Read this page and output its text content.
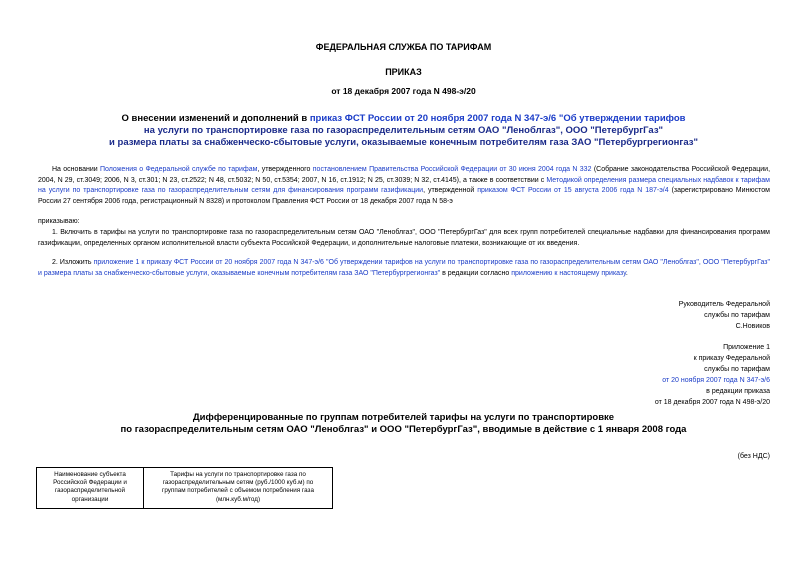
ФЕДЕРАЛЬНАЯ СЛУЖБА ПО ТАРИФАМ
ПРИКАЗ
от 18 декабря 2007 года N 498-э/20
О внесении изменений и дополнений в приказ ФСТ России от 20 ноября 2007 года N 347-э/6 "Об утверждении тарифов
на услуги по транспортировке газа по газораспределительным сетям ОАО "Леноблгаз", ООО "ПетербургГаз"
и размера платы за снабженческо-сбытовые услуги, оказываемые конечным потребителям газа ЗАО "Петербургрегионгаз"
На основании Положения о Федеральной службе по тарифам, утвержденного постановлением Правительства Российской Федерации от 30 июня 2004 года N 332 (Собрание законодательства Российской Федерации, 2004, N 29, ст.3049; 2006, N 3, ст.301; N 23, ст.2522; N 48, ст.5032; N 50, ст.5354; 2007, N 16, ст.1912; N 25, ст.3039; N 32, ст.4145), а также в соответствии с Методикой определения размера специальных надбавок к тарифам на услуги по транспортировке газа по газораспределительным сетям для финансирования программ газификации, утвержденной приказом ФСТ России от 15 августа 2006 года N 187-э/4 (зарегистрировано Минюстом России 27 сентября 2006 года, регистрационный N 8328) и протоколом Правления ФСТ России от 18 декабря 2007 года N 58-э
приказываю:
1. Включить в тарифы на услуги по транспортировке газа по газораспределительным сетям ОАО "Леноблгаз", ООО "ПетербургГаз" для всех групп потребителей специальные надбавки для финансирования программ газификации, определенных органом исполнительной власти субъекта Российской Федерации, и дополнительные налоговые платежи, возникающие от их введения.
2. Изложить приложение 1 к приказу ФСТ России от 20 ноября 2007 года N 347-э/6 "Об утверждении тарифов на услуги по транспортировке газа по газораспределительным сетям ОАО "Леноблгаз", ООО "ПетербургГаз" и размера платы за снабженческо-сбытовые услуги, оказываемые конечным потребителям газа ЗАО "Петербургрегионгаз" в редакции согласно приложению к настоящему приказу.
Руководитель Федеральной
службы по тарифам
С.Новиков
Приложение 1
к приказу Федеральной
службы по тарифам
от 20 ноября 2007 года N 347-э/6
в редакции приказа
от 18 декабря 2007 года N 498-э/20
Дифференцированные по группам потребителей тарифы на услуги по транспортировке
по газораспределительным сетям ОАО "Леноблгаз" и ООО "ПетербургГаз", вводимые в действие с 1 января 2008 года
(без НДС)
Наименование субъекта
Российской Федерации и
газораспределительной
организации

Тарифы на услуги по транспортировке газа по
газораспределительным сетям (руб./1000 куб.м) по
группам потребителей с объемом потребления газа
(млн.куб.м/год)
